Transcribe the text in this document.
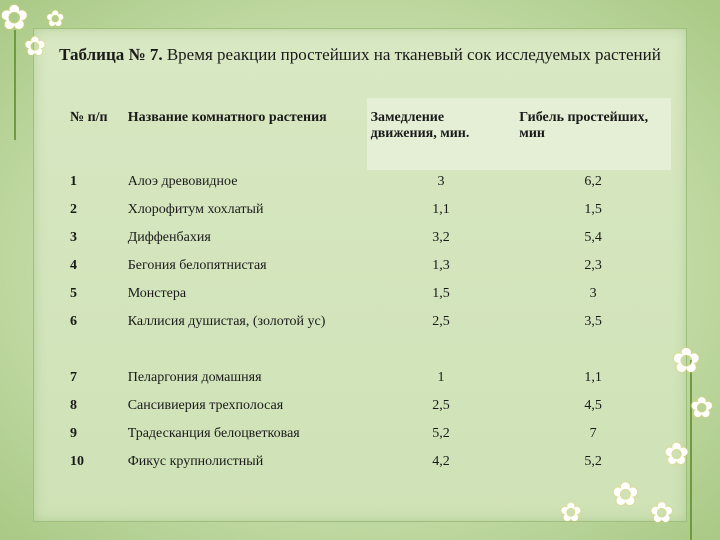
✿
✿
✿
✿
✿
✿
✿
✿ ✿
Таблица № 7. Время реакции простейших на тканевый сок исследуемых растений
№ п/п	Название комнатного растения	Замедление движения, мин.	Гибель простейших, мин
1	Алоэ древовидное	3	6,2
2	Хлорофитум хохлатый	1,1	1,5
3	Диффенбахия	3,2	5,4
4	Бегония белопятнистая	1,3	2,3
5	Монстера	1,5	3
6	Каллисия душистая, (золотой ус)	2,5	3,5
7	Пеларгония домашняя	1	1,1
8	Сансивиерия трехполосая	2,5	4,5
9	Традесканция белоцветковая	5,2	7
10	Фикус крупнолистный	4,2	5,2
